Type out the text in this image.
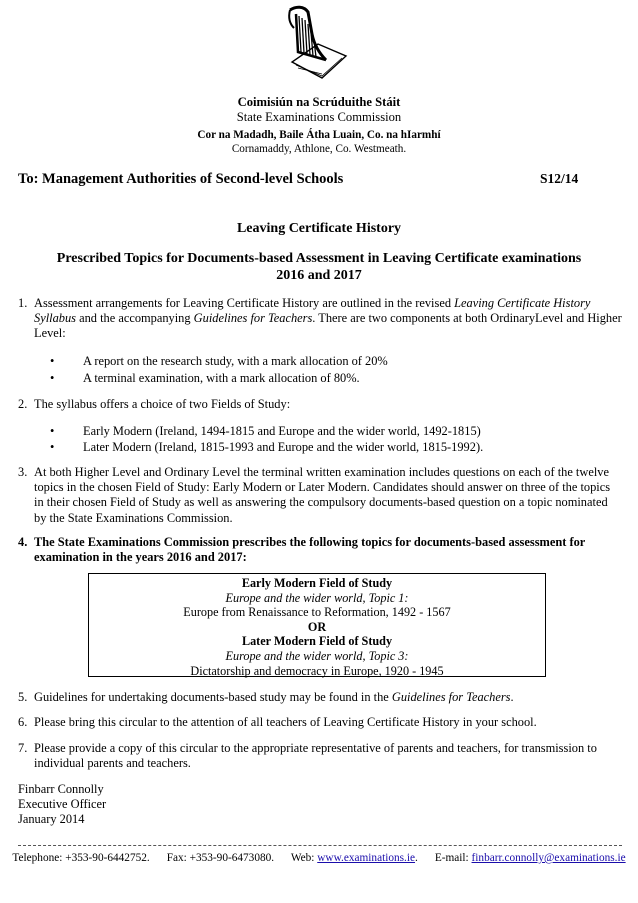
Coimisiún na Scrúduithe Stáit
State Examinations Commission
Cor na Madadh, Baile Átha Luain, Co. na hIarmhí
Cornamaddy, Athlone, Co. Westmeath.
To: Management Authorities of Second-level Schools	S12/14
Leaving Certificate History
Prescribed Topics for Documents-based Assessment in Leaving Certificate examinations
2016 and 2017
1. Assessment arrangements for Leaving Certificate History are outlined in the revised Leaving Certificate History Syllabus and the accompanying Guidelines for Teachers. There are two components at both OrdinaryLevel and Higher Level:
• A report on the research study, with a mark allocation of 20%
• A terminal examination, with a mark allocation of 80%.
2. The syllabus offers a choice of two Fields of Study:
• Early Modern (Ireland, 1494-1815 and Europe and the wider world, 1492-1815)
• Later Modern (Ireland, 1815-1993 and Europe and the wider world, 1815-1992).
3. At both Higher Level and Ordinary Level the terminal written examination includes questions on each of the twelve topics in the chosen Field of Study: Early Modern or Later Modern. Candidates should answer on three of the topics in their chosen Field of Study as well as answering the compulsory documents-based question on a topic nominated by the State Examinations Commission.
4. The State Examinations Commission prescribes the following topics for documents-based assessment for examination in the years 2016 and 2017:
Early Modern Field of Study
Europe and the wider world, Topic 1:
Europe from Renaissance to Reformation, 1492 - 1567
OR
Later Modern Field of Study
Europe and the wider world, Topic 3:
Dictatorship and democracy in Europe, 1920 - 1945
5. Guidelines for undertaking documents-based study may be found in the Guidelines for Teachers.
6. Please bring this circular to the attention of all teachers of Leaving Certificate History in your school.
7. Please provide a copy of this circular to the appropriate representative of parents and teachers, for transmission to individual parents and teachers.
Finbarr Connolly
Executive Officer
January 2014
Telephone: +353-90-6442752. Fax: +353-90-6473080. Web: www.examinations.ie. E-mail: finbarr.connolly@examinations.ie
